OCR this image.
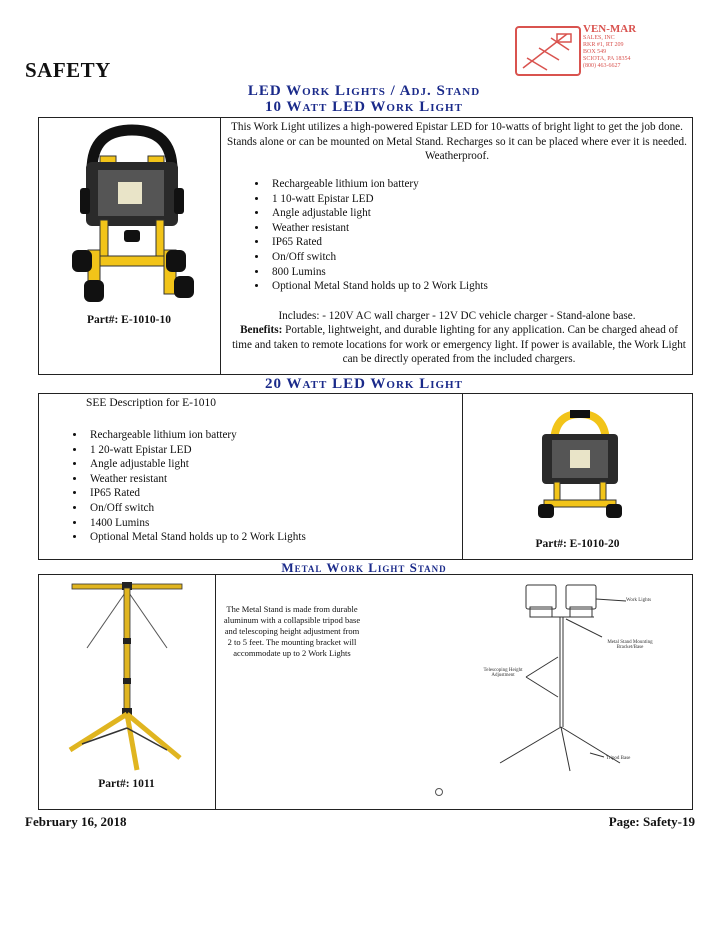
SAFETY
VEN-MAR
SALES, INC
RKR #1, RT 209
BOX 549
SCIOTA, PA 18354
(800) 463-6627
LED Work Lights / Adj. Stand
10 Watt LED Work Light
Part#: E-1010-10
This Work Light utilizes a high-powered Epistar LED for 10-watts of bright light to get the job done. Stands alone or can be mounted on Metal Stand. Recharges so it can be placed where ever it is needed. Weatherproof.
• Rechargeable lithium ion battery
• 1 10-watt Epistar LED
• Angle adjustable light
• Weather resistant
• IP65 Rated
• On/Off switch
• 800 Lumins
• Optional Metal Stand holds up to 2 Work Lights
Includes: - 120V AC wall charger - 12V DC vehicle charger - Stand-alone base.
Benefits: Portable, lightweight, and durable lighting for any application. Can be charged ahead of time and taken to remote locations for work or emergency light. If power is available, the Work Light can be directly operated from the included chargers.
20 Watt LED Work Light
SEE Description for E-1010
• Rechargeable lithium ion battery
• 1 20-watt Epistar LED
• Angle adjustable light
• Weather resistant
• IP65 Rated
• On/Off switch
• 1400 Lumins
• Optional Metal Stand holds up to 2 Work Lights
Part#: E-1010-20
Metal Work Light Stand
Part#: 1011
The Metal Stand is made from durable aluminum with a collapsible tripod base and telescoping height adjustment from 2 to 5 feet. The mounting bracket will accommodate up to 2 Work Lights
Work Lights
Metal Stand Mounting Bracket/Base
Telescoping Height Adjustment
Tripod Base
February 16, 2018	Page: Safety-19
